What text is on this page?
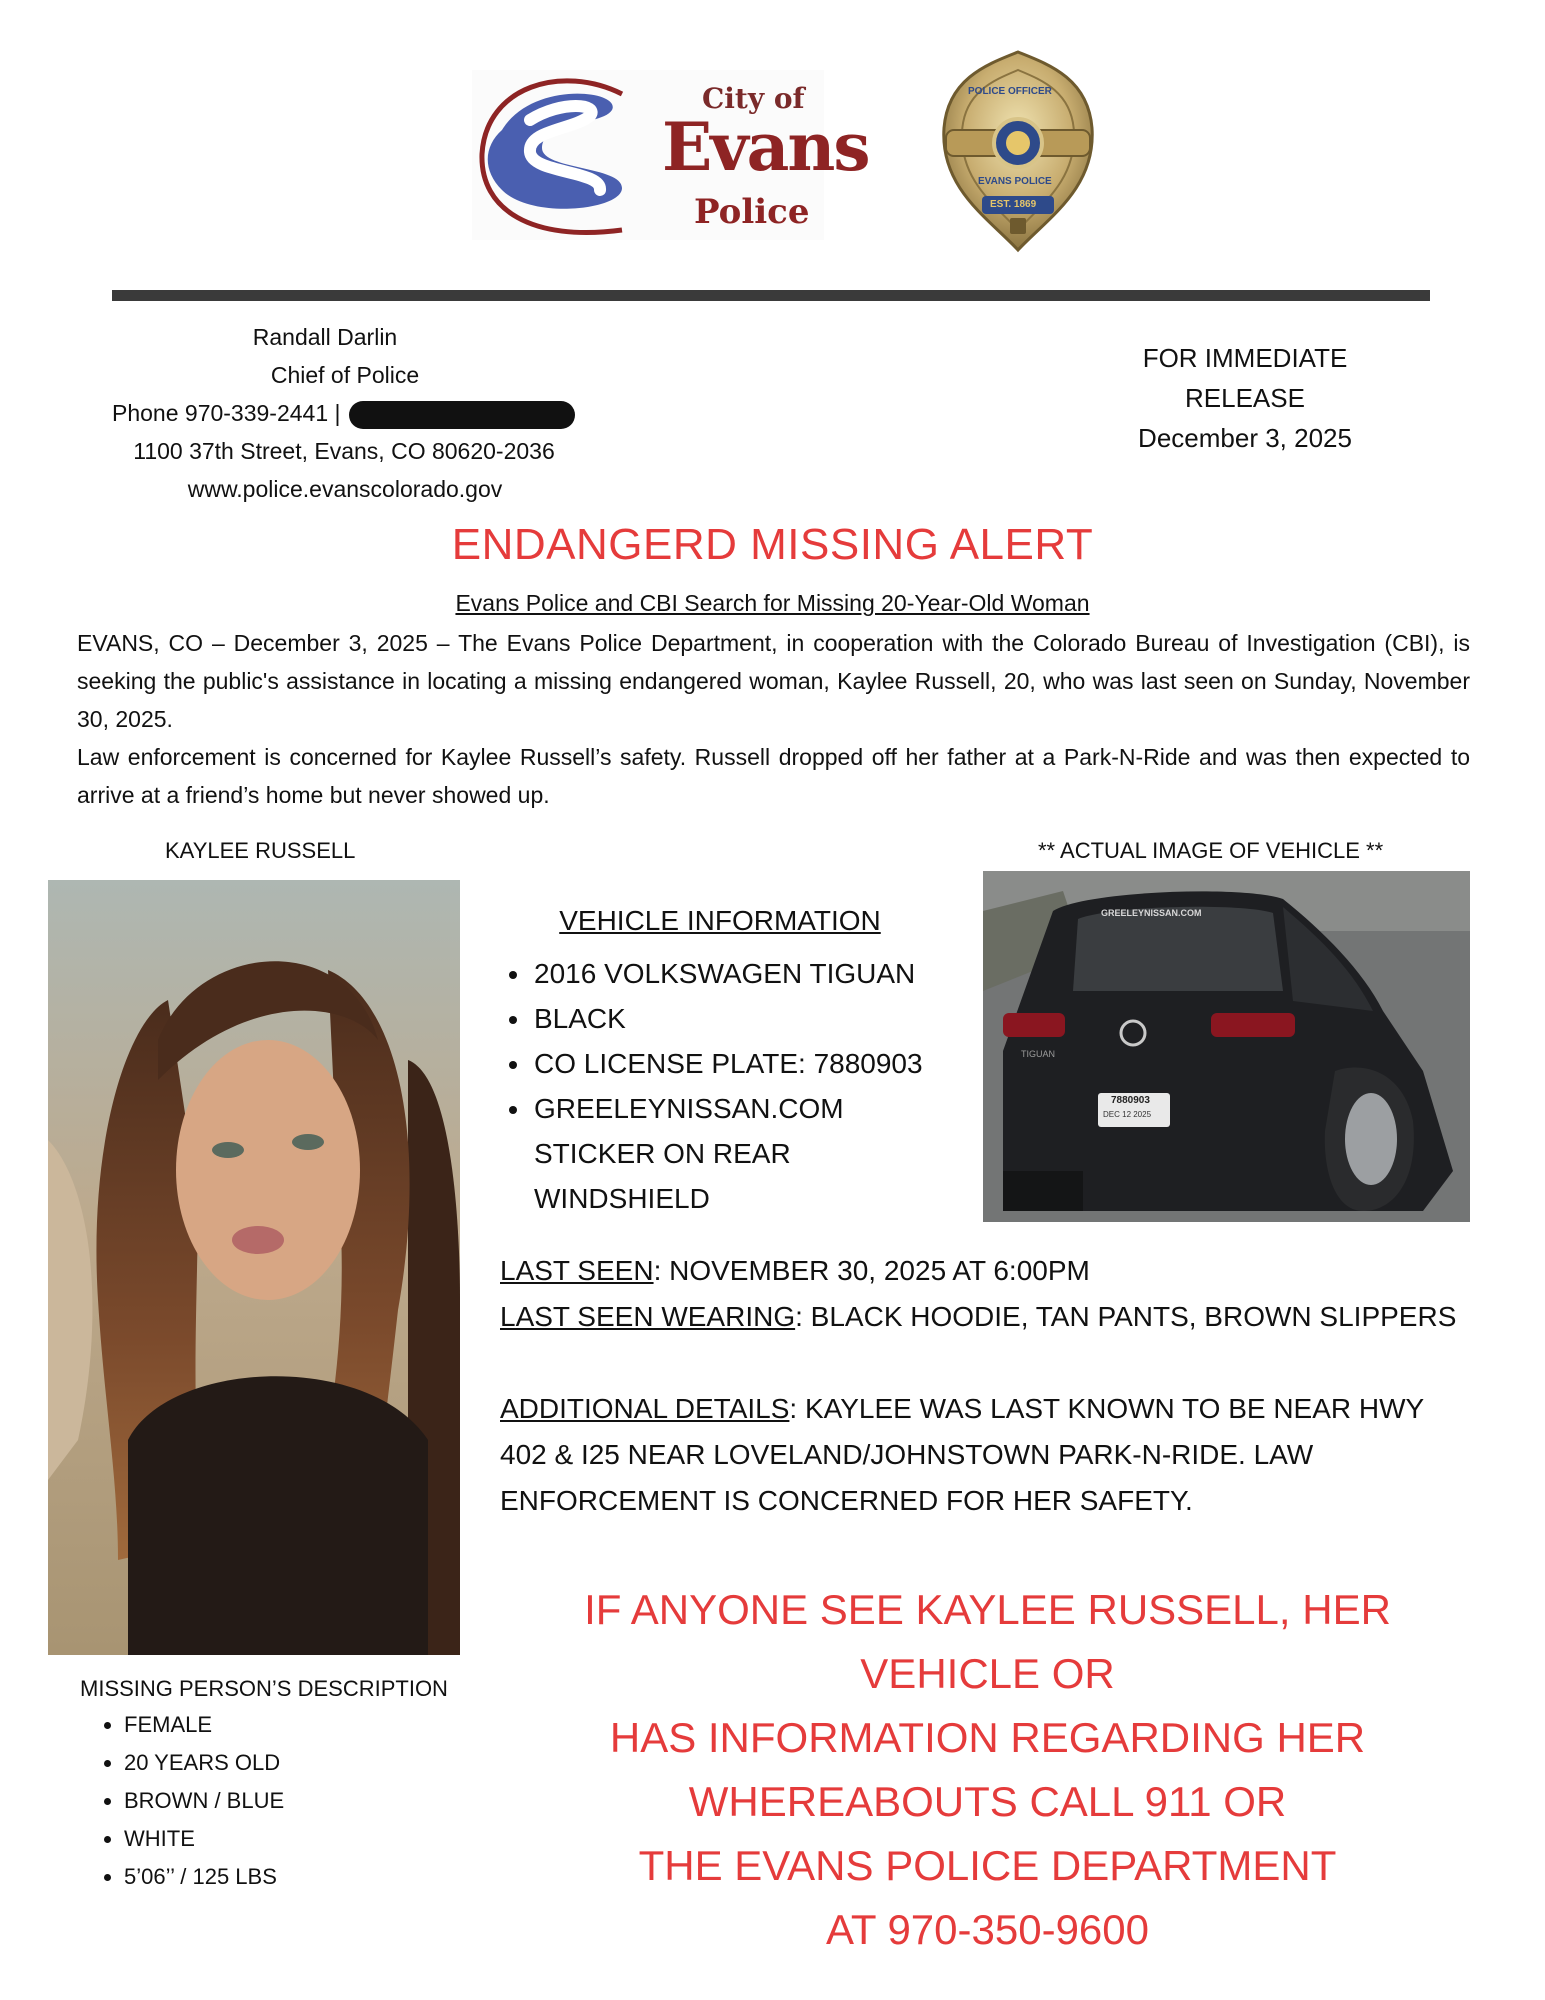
City of
Evans
Police
POLICE OFFICER
EVANS POLICE
EST. 1869
Randall Darlin
Chief of Police
Phone 970-339-2441 |
1100 37th Street, Evans, CO 80620-2036
www.police.evanscolorado.gov
FOR IMMEDIATE RELEASE
December 3, 2025
ENDANGERD MISSING ALERT
Evans Police and CBI Search for Missing 20-Year-Old Woman
EVANS, CO – December 3, 2025 – The Evans Police Department, in cooperation with the Colorado Bureau of Investigation (CBI), is seeking the public's assistance in locating a missing endangered woman, Kaylee Russell, 20, who was last seen on Sunday, November 30, 2025.
Law enforcement is concerned for Kaylee Russell’s safety. Russell dropped off her father at a Park-N-Ride and was then expected to arrive at a friend’s home but never showed up.
KAYLEE RUSSELL	** ACTUAL IMAGE OF VEHICLE **
VEHICLE INFORMATION
• 2016 VOLKSWAGEN TIGUAN
• BLACK
• CO LICENSE PLATE: 7880903
• GREELEYNISSAN.COM STICKER ON REAR WINDSHIELD
GREELEYNISSAN.COM
TIGUAN
7880903
DEC 12 2025
LAST SEEN: NOVEMBER 30, 2025 AT 6:00PM
LAST SEEN WEARING: BLACK HOODIE, TAN PANTS, BROWN SLIPPERS
ADDITIONAL DETAILS: KAYLEE WAS LAST KNOWN TO BE NEAR HWY 402 & I25 NEAR LOVELAND/JOHNSTOWN PARK-N-RIDE. LAW ENFORCEMENT IS CONCERNED FOR HER SAFETY.
IF ANYONE SEE KAYLEE RUSSELL, HER VEHICLE OR
HAS INFORMATION REGARDING HER
WHEREABOUTS CALL 911 OR
THE EVANS POLICE DEPARTMENT
AT 970-350-9600
MISSING PERSON’S DESCRIPTION
• FEMALE
• 20 YEARS OLD
• BROWN / BLUE
• WHITE
• 5’06’’ / 125 LBS
